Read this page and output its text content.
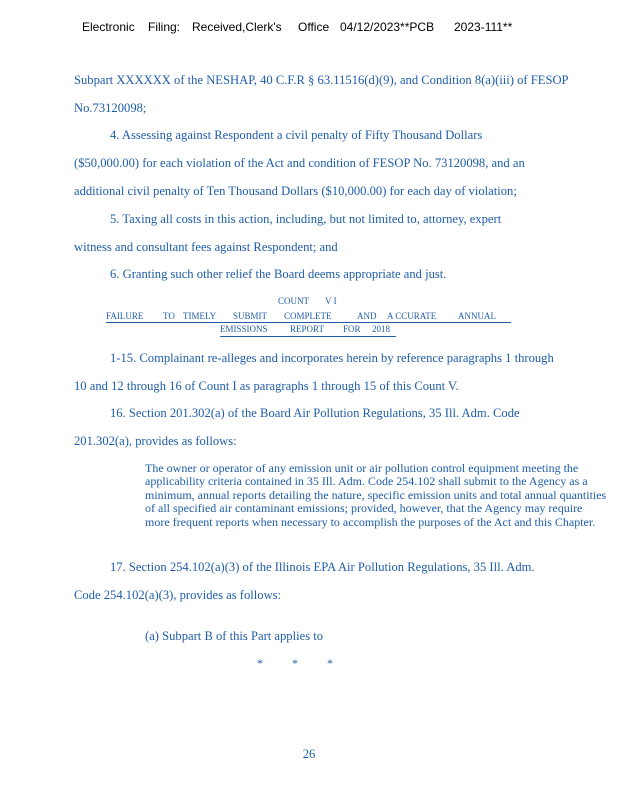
Electronic Filing: Received,Clerk's Office 04/12/2023**PCB 2023-111**
Subpart XXXXXX of the NESHAP, 40 C.F.R § 63.11516(d)(9), and Condition 8(a)(iii) of FESOP
No.73120098;
4. Assessing against Respondent a civil penalty of Fifty Thousand Dollars
($50,000.00) for each violation of the Act and condition of FESOP No. 73120098, and an
additional civil penalty of Ten Thousand Dollars ($10,000.00) for each day of violation;
5. Taxing all costs in this action, including, but not limited to, attorney, expert
witness and consultant fees against Respondent; and
6. Granting such other relief the Board deems appropriate and just.
COUNT V I
FAILURE TO TIMELY SUBMIT COMPLETE	AND A CCURATE ANNUAL
EMISSIONS REPORT FOR 2018
1-15. Complainant re-alleges and incorporates herein by reference paragraphs 1 through
10 and 12 through 16 of Count I as paragraphs 1 through 15 of this Count V.
16. Section 201.302(a) of the Board Air Pollution Regulations, 35 Ill. Adm. Code
201.302(a), provides as follows:

The owner or operator of any emission unit or air pollution control equipment meeting the applicability criteria contained in 35 Ill. Adm. Code 254.102 shall submit to the Agency as a minimum, annual reports detailing the nature, specific emission units and total annual quantities of all specified air contaminant emissions; provided, however, that the Agency may require more frequent reports when necessary to accomplish the purposes of the Act and this Chapter.

17. Section 254.102(a)(3) of the Illinois EPA Air Pollution Regulations, 35 Ill. Adm.
Code 254.102(a)(3), provides as follows:
(a) Subpart B of this Part applies to
* * *
26
